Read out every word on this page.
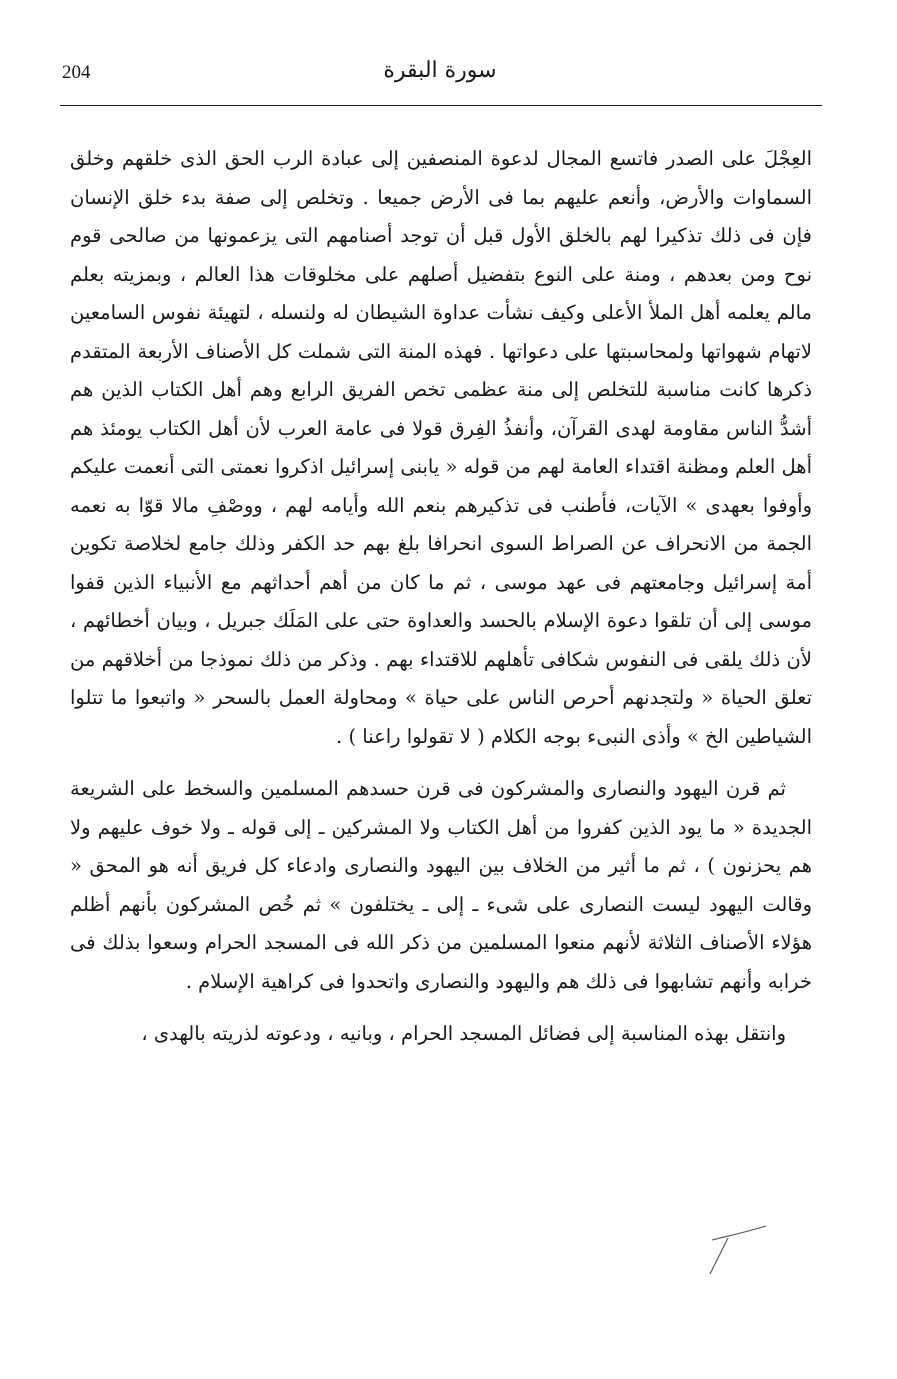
204	سورة البقرة

العِجْلَ على الصدر فاتسع المجال لدعوة المنصفين إلى عبادة الرب الحق الذى خلقهم وخلق السماوات والأرض، وأنعم عليهم بما فى الأرض جميعا . وتخلص إلى صفة بدء خلق الإنسان فإن فى ذلك تذكيرا لهم بالخلق الأول قبل أن توجد أصنامهم التى يزعمونها من صالحى قوم نوح ومن بعدهم ، ومنة على النوع بتفضيل أصلهم على مخلوقات هذا العالم ، وبمزيته بعلم مالم يعلمه أهل الملأ الأعلى وكيف نشأت عداوة الشيطان له ولنسله ، لتهيئة نفوس السامعين لاتهام شهواتها ولمحاسبتها على دعواتها . فهذه المنة التى شملت كل الأصناف الأربعة المتقدم ذكرها كانت مناسبة للتخلص إلى منة عظمى تخص الفريق الرابع وهم أهل الكتاب الذين هم أشدُّ الناس مقاومة لهدى القرآن، وأنفذُ الفِرق قولا فى عامة العرب لأن أهل الكتاب يومئذ هم أهل العلم ومظنة اقتداء العامة لهم من قوله « يابنى إسرائيل اذكروا نعمتى التى أنعمت عليكم وأوفوا بعهدى » الآيات، فأطنب فى تذكيرهم بنعم الله وأيامه لهم ، ووصْفِ مالا قوّا به نعمه الجمة من الانحراف عن الصراط السوى انحرافا بلغ بهم حد الكفر وذلك جامع لخلاصة تكوين أمة إسرائيل وجامعتهم فى عهد موسى ، ثم ما كان من أهم أحداثهم مع الأنبياء الذين قفوا موسى إلى أن تلقوا دعوة الإسلام بالحسد والعداوة حتى على المَلَك جبريل ، وبيان أخطائهم ، لأن ذلك يلقى فى النفوس شكافى تأهلهم للاقتداء بهم . وذكر من ذلك نموذجا من أخلاقهم من تعلق الحياة « ولتجدنهم أحرص الناس على حياة » ومحاولة العمل بالسحر « واتبعوا ما تتلوا الشياطين الخ » وأذى النبىء بوجه الكلام ( لا تقولوا راعنا ) .

ثم قرن اليهود والنصارى والمشركون فى قرن حسدهم المسلمين والسخط على الشريعة الجديدة « ما يود الذين كفروا من أهل الكتاب ولا المشركين ـ إلى قوله ـ ولا خوف عليهم ولا هم يحزنون ) ، ثم ما أثير من الخلاف بين اليهود والنصارى وادعاء كل فريق أنه هو المحق « وقالت اليهود ليست النصارى على شىء ـ إلى ـ يختلفون » ثم خُص المشركون بأنهم أظلم هؤلاء الأصناف الثلاثة لأنهم منعوا المسلمين من ذكر الله فى المسجد الحرام وسعوا بذلك فى خرابه وأنهم تشابهوا فى ذلك هم واليهود والنصارى واتحدوا فى كراهية الإسلام .

وانتقل بهذه المناسبة إلى فضائل المسجد الحرام ، وبانيه ، ودعوته لذريته بالهدى ،
